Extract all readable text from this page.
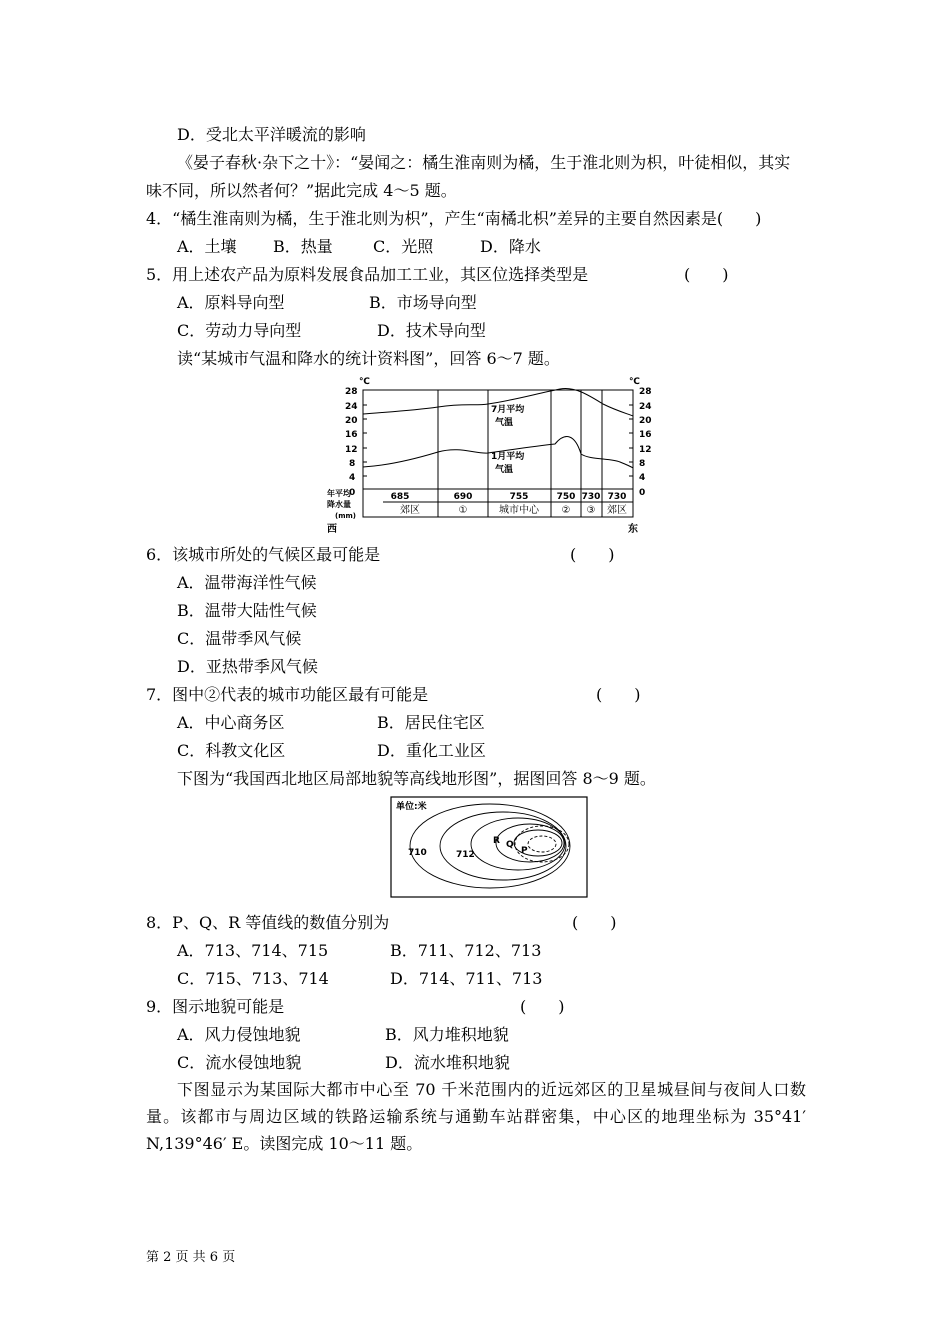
D．受北太平洋暖流的影响
《晏子春秋·杂下之十》：“晏闻之：橘生淮南则为橘，生于淮北则为枳，叶徒相似，其实
味不同，所以然者何？”据此完成 4～5 题。
4．“橘生淮南则为橘，生于淮北则为枳”，产生“南橘北枳”差异的主要自然因素是(　　)
A．土壤 B．热量	C．光照	D．降水
5．用上述农产品为原料发展食品加工工业，其区位选择类型是	(　　)
A．原料导向型	B．市场导向型
C．劳动力导向型	D．技术导向型
读“某城市气温和降水的统计资料图”，回答 6～7 题。
℃	℃
28
24
20
16
12
8
4
0
28
24
20
16
12
8
4
0
7月平均
气温
1月平均
气温
年平均
降水量
(mm)
685	690	755	750 730 730
郊区	①	城市中心 ② ③ 郊区
西	东
6．该城市所处的气候区最可能是	(　　)
A．温带海洋性气候
B．温带大陆性气候
C．温带季风气候
D．亚热带季风气候
7．图中②代表的城市功能区最有可能是	(　　)
A．中心商务区	B．居民住宅区
C．科教文化区	D．重化工业区
下图为“我国西北地区局部地貌等高线地形图”，据图回答 8～9 题。
单位:米
710	712
R Q
P
8．P、Q、R 等值线的数值分别为	(　　)
A．713、714、715	B．711、712、713
C．715、713、714	D．714、711、713
9．图示地貌可能是	(　　)
A．风力侵蚀地貌	B．风力堆积地貌
C．流水侵蚀地貌	D．流水堆积地貌
下图显示为某国际大都市中心至 70 千米范围内的近远郊区的卫星城昼间与夜间人口数量。该都市与周边区域的铁路运输系统与通勤车站群密集，中心区的地理坐标为 35°41′ N,139°46′ E。读图完成 10～11 题。
第 2 页 共 6 页
